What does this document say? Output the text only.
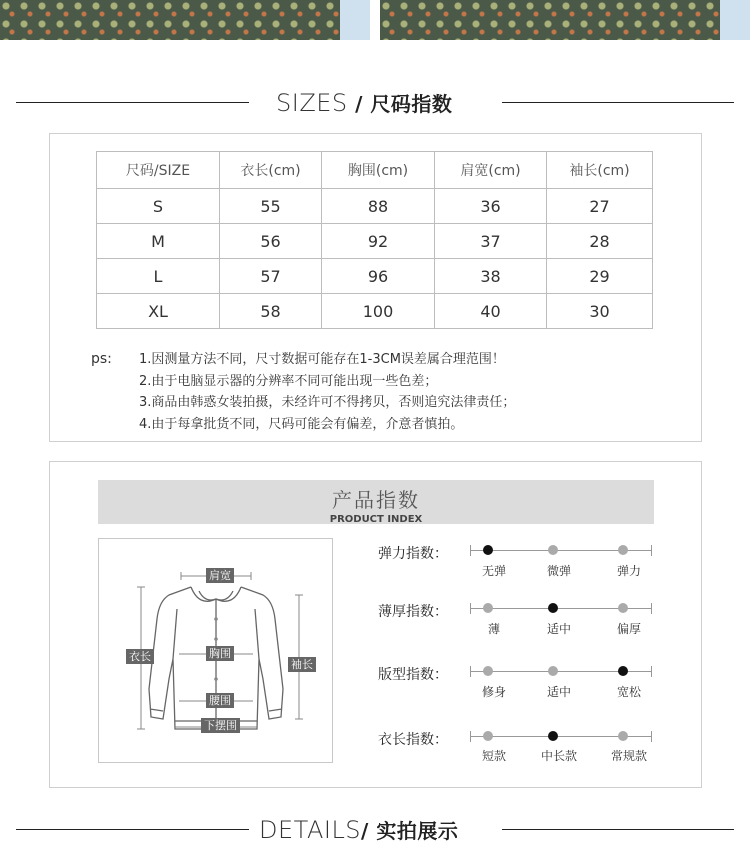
SIZES / 尺码指数
尺码/SIZE	衣长(cm)	胸围(cm)	肩宽(cm)	袖长(cm)
S	55	88	36	27
M	56	92	37	28
L	57	96	38	29
XL	58	100	40	30
ps: 1.因测量方法不同，尺寸数据可能存在1-3CM误差属合理范围！
2.由于电脑显示器的分辨率不同可能出现一些色差；
3.商品由韩惑女装拍摄，未经许可不得拷贝，否则追究法律责任；
4.由于每拿批货不同，尺码可能会有偏差，介意者慎拍。
产品指数
PRODUCT INDEX
肩宽
衣长	胸围
袖长
腰围
下摆围
弹力指数：
无弹	微弹	弹力
薄厚指数：
薄	适中	偏厚
版型指数：
修身	适中	宽松
衣长指数：
短款	中长款	常规款
DETAILS/ 实拍展示
